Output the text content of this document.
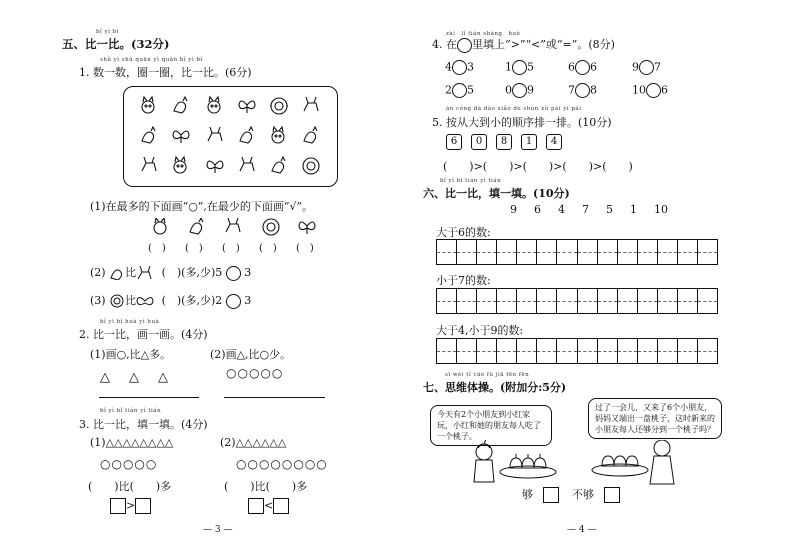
bǐ yì bǐ
五、比一比。(32分)
shǔ yì shǔ quān yì quān bǐ yì bǐ
1. 数一数，圈一圈，比一比。(6分)
(1)在最多的下面画“○”,在最少的下面画“√”。
(　) (　) (　) (　) (　)
(2) 比 (　)(多,少)5 3
(3) 比 (　)(多,少)2 3
bǐ yì bǐ huà yì huà
2. 比一比，画一画。(4分)
(1)画○,比△多。	(2)画△,比○少。
△　△　△	○○○○○
bǐ yì bǐ tián yì tián
3. 比一比，填一填。(4分)
(1)△△△△△△△△	(2)△△△△△△
○○○○○	○○○○○○○○
(　　)比(　　)多	(　　)比(　　)多
>	<
— 3 —
zài　lǐ tián shàng　huò
4. 在 里填上“>”“<”或“=”。(8分)
4 3	1 5	6 6	9 7
2 5	0 9	7 8	10 6
àn cóng dà dào xiǎo de shùn xù pái yi pái
5. 按从大到小的顺序排一排。(10分)
6 0 8 1 4
(　　)>(　　)>(　　)>(　　)>(　　)
bǐ yì bǐ tián yì tián
六、比一比，填一填。(10分)
9 6 4 7 5 1 10
大于6的数:
小于7的数:
大于4,小于9的数:
sī wéi tǐ cāo fù jiā fēn fēn
七、思维体操。(附加分:5分)
今天有2个小朋友到小红家玩，小红和她的朋友每人吃了一个桃子。
过了一会儿，又来了6个小朋友，妈妈又端出一盘桃子，这时新来的小朋友每人还够分到一个桃子吗？
够	不够
— 4 —
